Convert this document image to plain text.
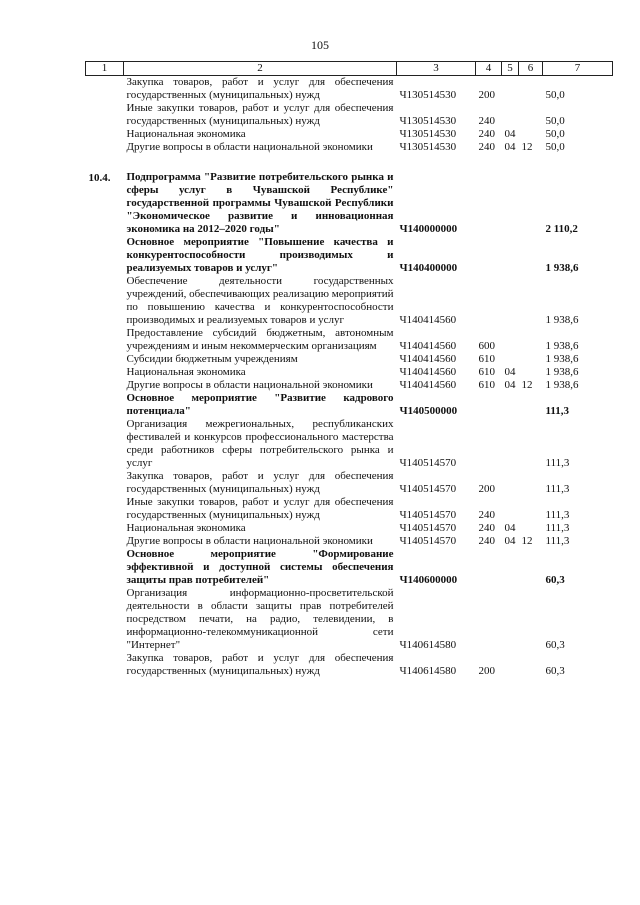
105
1	2	3	4	5	6	7
	Закупка товаров, работ и услуг для обеспечения государственных (муниципальных) нужд	Ч130514530	200			50,0
	Иные закупки товаров, работ и услуг для обеспечения государственных (муниципальных) нужд	Ч130514530	240			50,0
	Национальная экономика	Ч130514530	240	04		50,0
	Другие вопросы в области национальной экономики	Ч130514530	240	04	12	50,0

10.4.	Подпрограмма "Развитие потребительского рынка и сферы услуг в Чувашской Республике" государственной программы Чувашской Республики "Экономическое развитие и инновационная экономика на 2012–2020 годы"	Ч140000000				2 110,2
	Основное мероприятие "Повышение качества и конкурентоспособности производимых и реализуемых товаров и услуг"	Ч140400000				1 938,6
	Обеспечение деятельности государственных учреждений, обеспечивающих реализацию мероприятий по повышению качества и конкурентоспособности производимых и реализуемых товаров и услуг	Ч140414560				1 938,6
	Предоставление субсидий бюджетным, автономным учреждениям и иным некоммерческим организациям	Ч140414560	600			1 938,6
	Субсидии бюджетным учреждениям	Ч140414560	610			1 938,6
	Национальная экономика	Ч140414560	610	04		1 938,6
	Другие вопросы в области национальной экономики	Ч140414560	610	04	12	1 938,6
	Основное мероприятие "Развитие кадрового потенциала"	Ч140500000				111,3
	Организация межрегиональных, республиканских фестивалей и конкурсов профессионального мастерства среди работников сферы потребительского рынка и услуг	Ч140514570				111,3
	Закупка товаров, работ и услуг для обеспечения государственных (муниципальных) нужд	Ч140514570	200			111,3
	Иные закупки товаров, работ и услуг для обеспечения государственных (муниципальных) нужд	Ч140514570	240			111,3
	Национальная экономика	Ч140514570	240	04		111,3
	Другие вопросы в области национальной экономики	Ч140514570	240	04	12	111,3
	Основное мероприятие "Формирование эффективной и доступной системы обеспечения защиты прав потребителей"	Ч140600000				60,3
	Организация информационно-просветительской деятельности в области защиты прав потребителей посредством печати, на радио, телевидении, в информационно-телекоммуникационной сети "Интернет"	Ч140614580				60,3
	Закупка товаров, работ и услуг для обеспечения государственных (муниципальных) нужд	Ч140614580	200			60,3
